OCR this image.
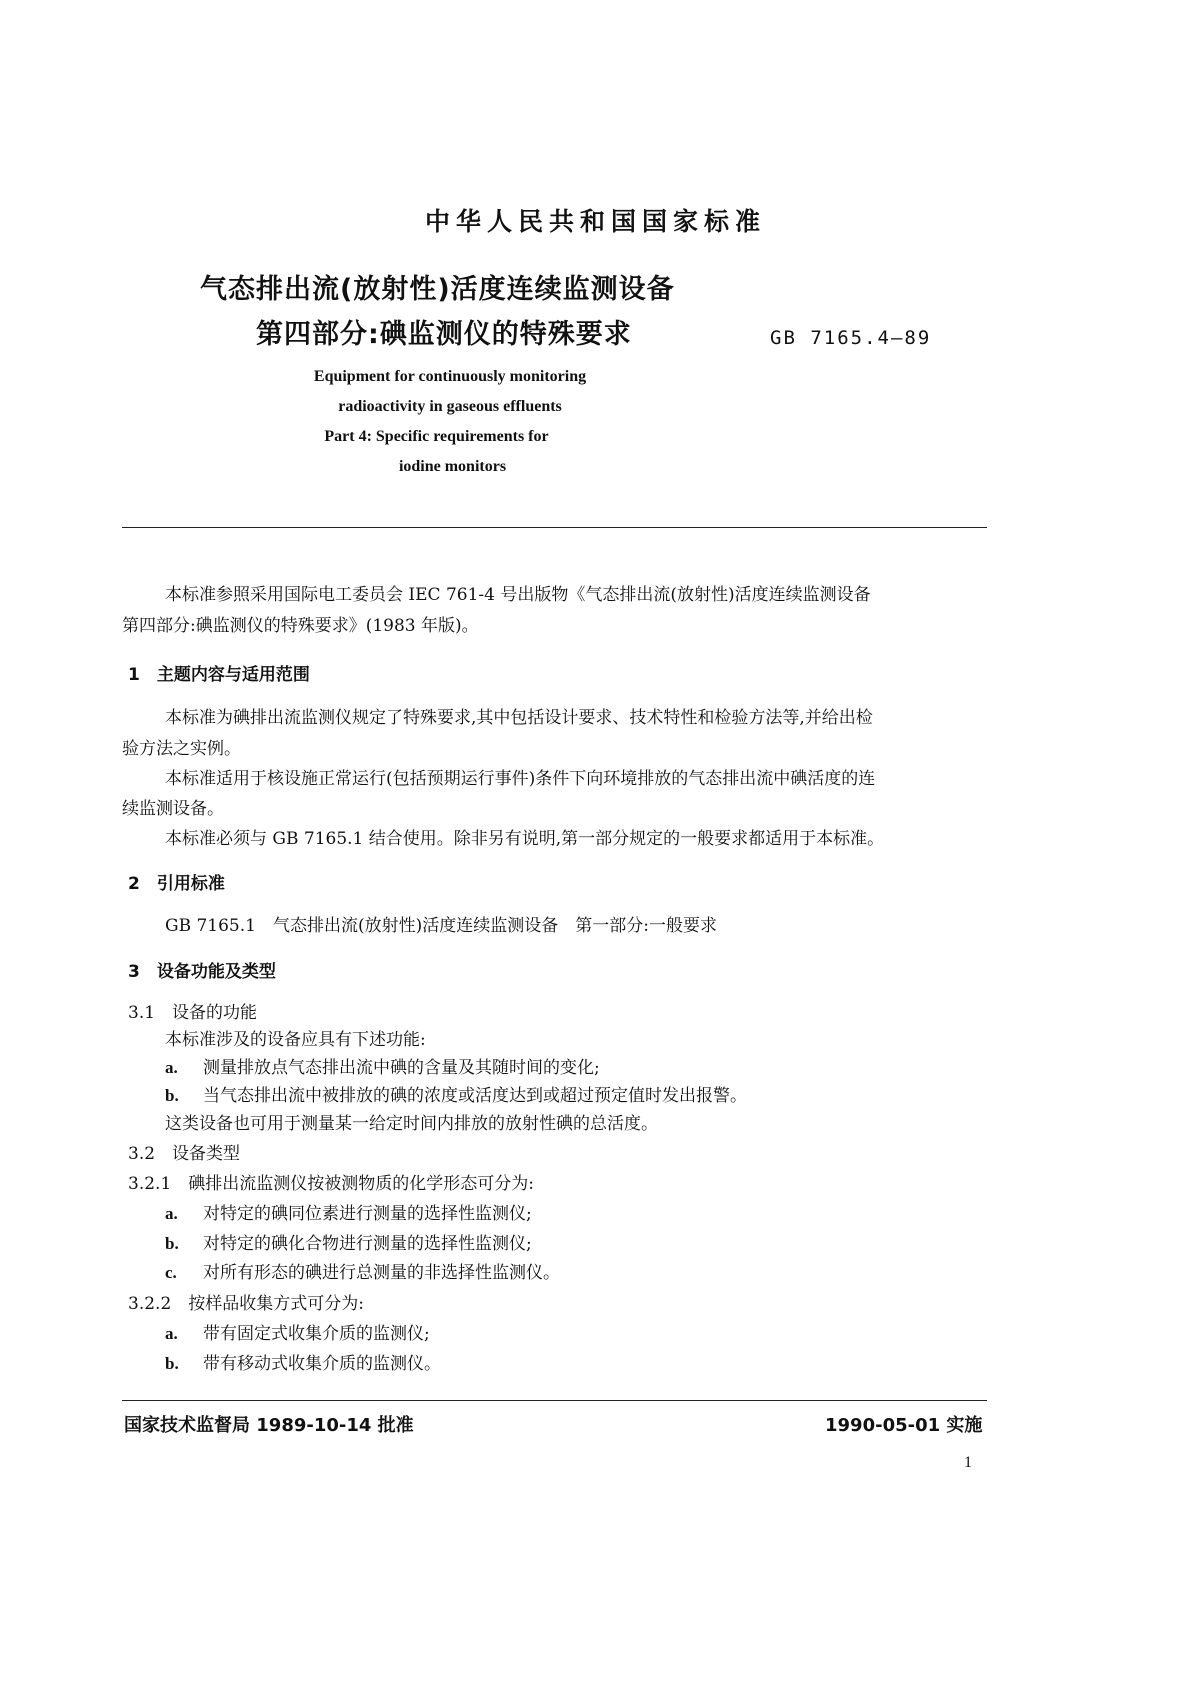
中华人民共和国国家标准
气态排出流(放射性)活度连续监测设备
第四部分:碘监测仪的特殊要求	GB 7165.4—89
Equipment for continuously monitoring
radioactivity in gaseous effluents
Part 4: Specific requirements for
iodine monitors
本标准参照采用国际电工委员会 IEC 761-4 号出版物《气态排出流(放射性)活度连续监测设备
第四部分:碘监测仪的特殊要求》(1983 年版)。
1　主题内容与适用范围
本标准为碘排出流监测仪规定了特殊要求,其中包括设计要求、技术特性和检验方法等,并给出检
验方法之实例。
本标准适用于核设施正常运行(包括预期运行事件)条件下向环境排放的气态排出流中碘活度的连
续监测设备。
本标准必须与 GB 7165.1 结合使用。除非另有说明,第一部分规定的一般要求都适用于本标准。
2　引用标准
GB 7165.1　气态排出流(放射性)活度连续监测设备　第一部分:一般要求
3　设备功能及类型
3.1　设备的功能
本标准涉及的设备应具有下述功能:
a. 测量排放点气态排出流中碘的含量及其随时间的变化;
b. 当气态排出流中被排放的碘的浓度或活度达到或超过预定值时发出报警。
这类设备也可用于测量某一给定时间内排放的放射性碘的总活度。
3.2　设备类型
3.2.1　碘排出流监测仪按被测物质的化学形态可分为:
a. 对特定的碘同位素进行测量的选择性监测仪;
b. 对特定的碘化合物进行测量的选择性监测仪;
c. 对所有形态的碘进行总测量的非选择性监测仪。
3.2.2　按样品收集方式可分为:
a. 带有固定式收集介质的监测仪;
b. 带有移动式收集介质的监测仪。
国家技术监督局 1989-10-14 批准	1990-05-01 实施
1
